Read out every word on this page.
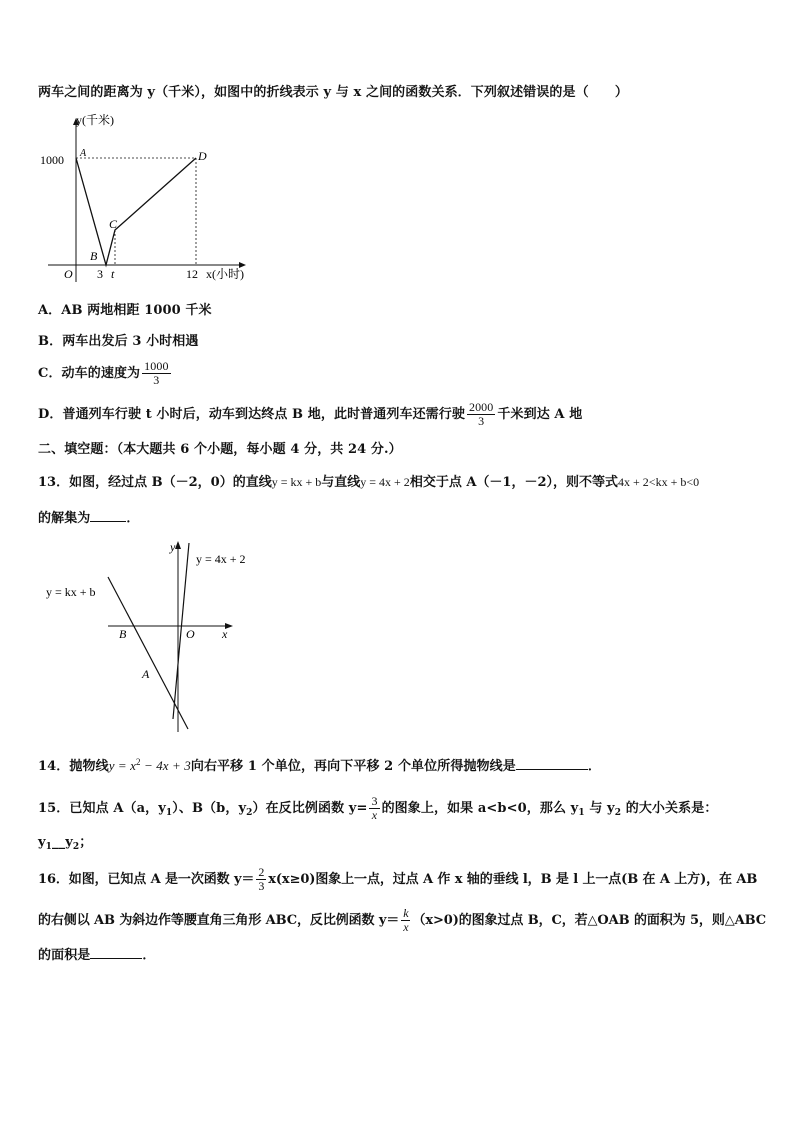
两车之间的距离为 y（千米），如图中的折线表示 y 与 x 之间的函数关系．下列叙述错误的是（　　）
y(千米)
1000 A	D
C
B
O 3 t	12 x(小时)
A．AB 两地相距 1000 千米
B．两车出发后 3 小时相遇
C．动车的速度为 $\frac{1000}{3}$
D．普通列车行驶 t 小时后，动车到达终点 B 地，此时普通列车还需行驶 $\frac{2000}{3}$ 千米到达 A 地
二、填空题：（本大题共 6 个小题，每小题 4 分，共 24 分.）
13．如图，经过点 B（－2，0）的直线y = kx + b与直线y = 4x + 2相交于点 A（－1，－2），则不等式4x + 2<kx + b<0
的解集为	．
y
y = 4x + 2
y = kx + b
B	O x
A
14．抛物线$y = x^2 - 4x + 3$向右平移 1 个单位，再向下平移 2 个单位所得抛物线是	．
15．已知点 A（a，$y_1$）、B（b，$y_2$）在反比例函数 $y= \frac{3}{x}$ 的图象上，如果 a<b<0，那么 $y_1$ 与 $y_2$ 的大小关系是：
$y_1\_\_y_2$；
16．如图，已知点 A 是一次函数 $y= \frac{2}{3} x(x\ge 0)$图象上一点，过点 A 作 x 轴的垂线 l，B 是 l 上一点(B 在 A 上方)，在 AB
的右侧以 AB 为斜边作等腰直角三角形 ABC，反比例函数 $y= \frac{k}{x} (x>0)$的图象过点 B，C，若△OAB 的面积为 5，则△ABC
的面积是	．
